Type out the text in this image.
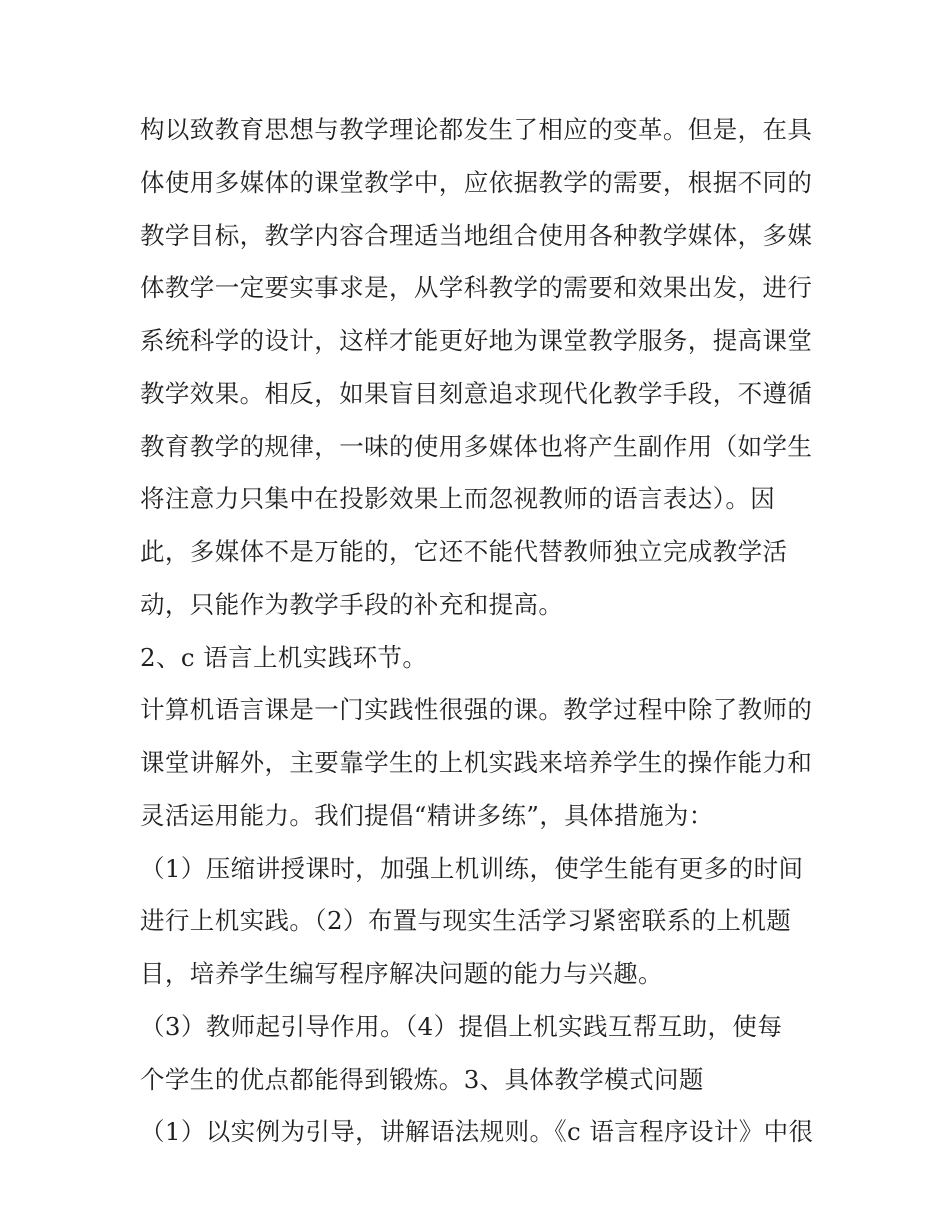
构以致教育思想与教学理论都发生了相应的变革。但是，在具
体使用多媒体的课堂教学中，应依据教学的需要，根据不同的
教学目标，教学内容合理适当地组合使用各种教学媒体，多媒
体教学一定要实事求是，从学科教学的需要和效果出发，进行
系统科学的设计，这样才能更好地为课堂教学服务，提高课堂
教学效果。相反，如果盲目刻意追求现代化教学手段，不遵循
教育教学的规律，一味的使用多媒体也将产生副作用（如学生
将注意力只集中在投影效果上而忽视教师的语言表达）。因
此，多媒体不是万能的，它还不能代替教师独立完成教学活
动，只能作为教学手段的补充和提高。
2、c 语言上机实践环节。
计算机语言课是一门实践性很强的课。教学过程中除了教师的
课堂讲解外，主要靠学生的上机实践来培养学生的操作能力和
灵活运用能力。我们提倡“精讲多练”，具体措施为：
（1）压缩讲授课时，加强上机训练，使学生能有更多的时间
进行上机实践。（2）布置与现实生活学习紧密联系的上机题
目，培养学生编写程序解决问题的能力与兴趣。
（3）教师起引导作用。（4）提倡上机实践互帮互助，使每
个学生的优点都能得到锻炼。3、具体教学模式问题
（1）以实例为引导，讲解语法规则。《c 语言程序设计》中很
